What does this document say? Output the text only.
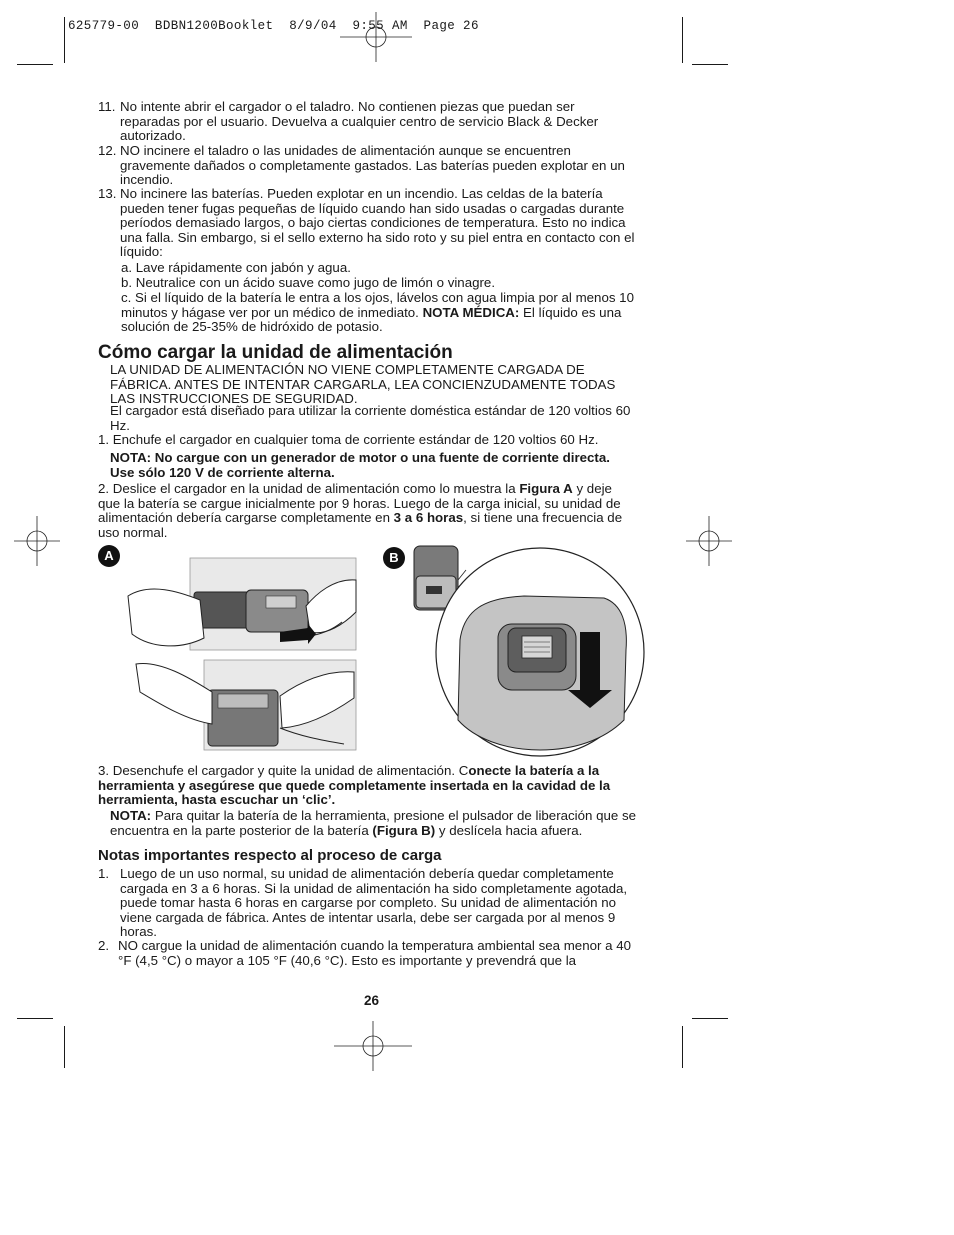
625779-00  BDBN1200Booklet  8/9/04  9:55 AM  Page 26
11. No intente abrir el cargador o el taladro. No contienen piezas que puedan ser reparadas por el usuario. Devuelva a cualquier centro de servicio Black & Decker autorizado.
12. NO incinere el taladro o las unidades de alimentación aunque se encuentren gravemente dañados o completamente gastados. Las baterías pueden explotar en un incendio.
13. No incinere las baterías. Pueden explotar en un incendio. Las celdas de la batería pueden tener fugas pequeñas de líquido cuando han sido usadas o cargadas durante períodos demasiado largos, o bajo ciertas condiciones de temperatura. Esto no indica una falla. Sin embargo, si el sello externo ha sido roto y su piel entra en contacto con el líquido:
a. Lave rápidamente con jabón y agua.
b. Neutralice con un ácido suave como jugo de limón o vinagre.
c. Si el líquido de la batería le entra a los ojos, lávelos con agua limpia por al menos 10 minutos y hágase ver por un médico de inmediato. NOTA MÉDICA: El líquido es una solución de 25-35% de hidróxido de potasio.
Cómo cargar la unidad de alimentación
LA UNIDAD DE ALIMENTACIÓN NO VIENE COMPLETAMENTE CARGADA DE FÁBRICA. ANTES DE INTENTAR CARGARLA, LEA CONCIENZUDAMENTE TODAS LAS INSTRUCCIONES DE SEGURIDAD.
El cargador está diseñado para utilizar la corriente doméstica estándar de 120 voltios 60 Hz.
1. Enchufe el cargador en cualquier toma de corriente estándar de 120 voltios 60 Hz.
NOTA: No cargue con un generador de motor o una fuente de corriente directa. Use sólo 120 V de corriente alterna.
2. Deslice el cargador en la unidad de alimentación como lo muestra la Figura A y deje que la batería se cargue inicialmente por 9 horas. Luego de la carga inicial, su unidad de alimentación debería cargarse completamente en 3 a 6 horas, si tiene una frecuencia de uso normal.
A	B
3. Desenchufe el cargador y quite la unidad de alimentación. Conecte la batería a la herramienta y asegúrese que quede completamente insertada en la cavidad de la herramienta, hasta escuchar un ‘clic’.
NOTA: Para quitar la batería de la herramienta, presione el pulsador de liberación que se encuentra en la parte posterior de la batería (Figura B) y deslícela hacia afuera.
Notas importantes respecto al proceso de carga
1. Luego de un uso normal, su unidad de alimentación debería quedar completamente cargada en 3 a 6 horas. Si la unidad de alimentación ha sido completamente agotada, puede tomar hasta 6 horas en cargarse por completo. Su unidad de alimentación no viene cargada de fábrica. Antes de intentar usarla, debe ser cargada por al menos 9 horas.
2. NO cargue la unidad de alimentación cuando la temperatura ambiental sea menor a 40 °F (4,5 °C) o mayor a 105 °F (40,6 °C). Esto es importante y prevendrá que la
26
